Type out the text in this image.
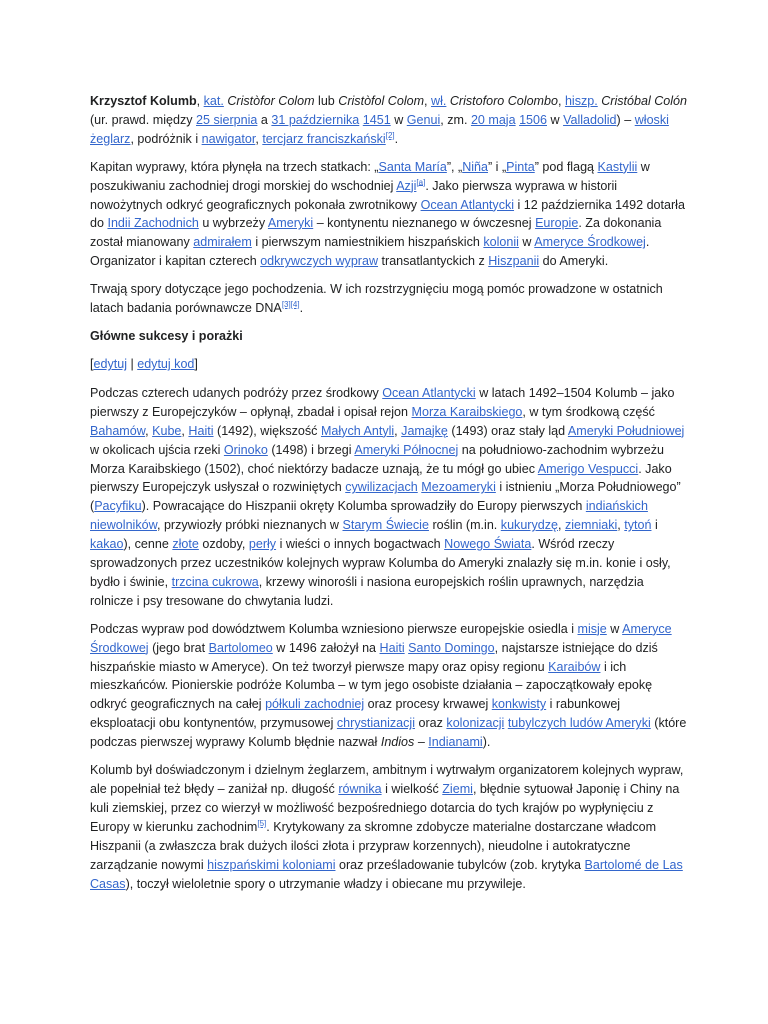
Krzysztof Kolumb, kat. Cristòfor Colom lub Cristòfol Colom, wł. Cristoforo Colombo, hiszp. Cristóbal Colón (ur. prawd. między 25 sierpnia a 31 października 1451 w Genui, zm. 20 maja 1506 w Valladolid) – włoski żeglarz, podróżnik i nawigator, tercjarz franciszkański[2].

Kapitan wyprawy, która płynęła na trzech statkach: „Santa María”, „Niña” i „Pinta” pod flagą Kastylii w poszukiwaniu zachodniej drogi morskiej do wschodniej Azji[a]. Jako pierwsza wyprawa w historii nowożytnych odkryć geograficznych pokonała zwrotnikowy Ocean Atlantycki i 12 października 1492 dotarła do Indii Zachodnich u wybrzeży Ameryki – kontynentu nieznanego w ówczesnej Europie. Za dokonania został mianowany admirałem i pierwszym namiestnikiem hiszpańskich kolonii w Ameryce Środkowej. Organizator i kapitan czterech odkrywczych wypraw transatlantyckich z Hiszpanii do Ameryki.

Trwają spory dotyczące jego pochodzenia. W ich rozstrzygnięciu mogą pomóc prowadzone w ostatnich latach badania porównawcze DNA[3][4].

Główne sukcesy i porażki
[edytuj | edytuj kod]

Podczas czterech udanych podróży przez środkowy Ocean Atlantycki w latach 1492–1504 Kolumb – jako pierwszy z Europejczyków – opłynął, zbadał i opisał rejon Morza Karaibskiego, w tym środkową część Bahamów, Kube, Haiti (1492), większość Małych Antyli, Jamajkę (1493) oraz stały ląd Ameryki Południowej w okolicach ujścia rzeki Orinoko (1498) i brzegi Ameryki Północnej na południowo-zachodnim wybrzeżu Morza Karaibskiego (1502), choć niektórzy badacze uznają, że tu mógł go ubiec Amerigo Vespucci. Jako pierwszy Europejczyk usłyszał o rozwiniętych cywilizacjach Mezoameryki i istnieniu „Morza Południowego” (Pacyfiku). Powracające do Hiszpanii okręty Kolumba sprowadziły do Europy pierwszych indiańskich niewolników, przywiozły próbki nieznanych w Starym Świecie roślin (m.in. kukurydzę, ziemniaki, tytoń i kakao), cenne złote ozdoby, perły i wieści o innych bogactwach Nowego Świata. Wśród rzeczy sprowadzonych przez uczestników kolejnych wypraw Kolumba do Ameryki znalazły się m.in. konie i osły, bydło i świnie, trzcina cukrowa, krzewy winorośli i nasiona europejskich roślin uprawnych, narzędzia rolnicze i psy tresowane do chwytania ludzi.

Podczas wypraw pod dowództwem Kolumba wzniesiono pierwsze europejskie osiedla i misje w Ameryce Środkowej (jego brat Bartolomeo w 1496 założył na Haiti Santo Domingo, najstarsze istniejące do dziś hiszpańskie miasto w Ameryce). On też tworzył pierwsze mapy oraz opisy regionu Karaibów i ich mieszkańców. Pionierskie podróże Kolumba – w tym jego osobiste działania – zapoczątkowały epokę odkryć geograficznych na całej półkuli zachodniej oraz procesy krwawej konkwisty i rabunkowej eksploatacji obu kontynentów, przymusowej chrystianizacji oraz kolonizacji tubylczych ludów Ameryki (które podczas pierwszej wyprawy Kolumb błędnie nazwał Indios – Indianami).

Kolumb był doświadczonym i dzielnym żeglarzem, ambitnym i wytrwałym organizatorem kolejnych wypraw, ale popełniał też błędy – zaniżał np. długość równika i wielkość Ziemi, błędnie sytuował Japonię i Chiny na kuli ziemskiej, przez co wierzył w możliwość bezpośredniego dotarcia do tych krajów po wypłynięciu z Europy w kierunku zachodnim[5]. Krytykowany za skromne zdobycze materialne dostarczane władcom Hiszpanii (a zwłaszcza brak dużych ilości złota i przypraw korzennych), nieudolne i autokratyczne zarządzanie nowymi hiszpańskimi koloniami oraz prześladowanie tubylców (zob. krytyka Bartolomé de Las Casas), toczył wieloletnie spory o utrzymanie władzy i obiecane mu przywileje.
